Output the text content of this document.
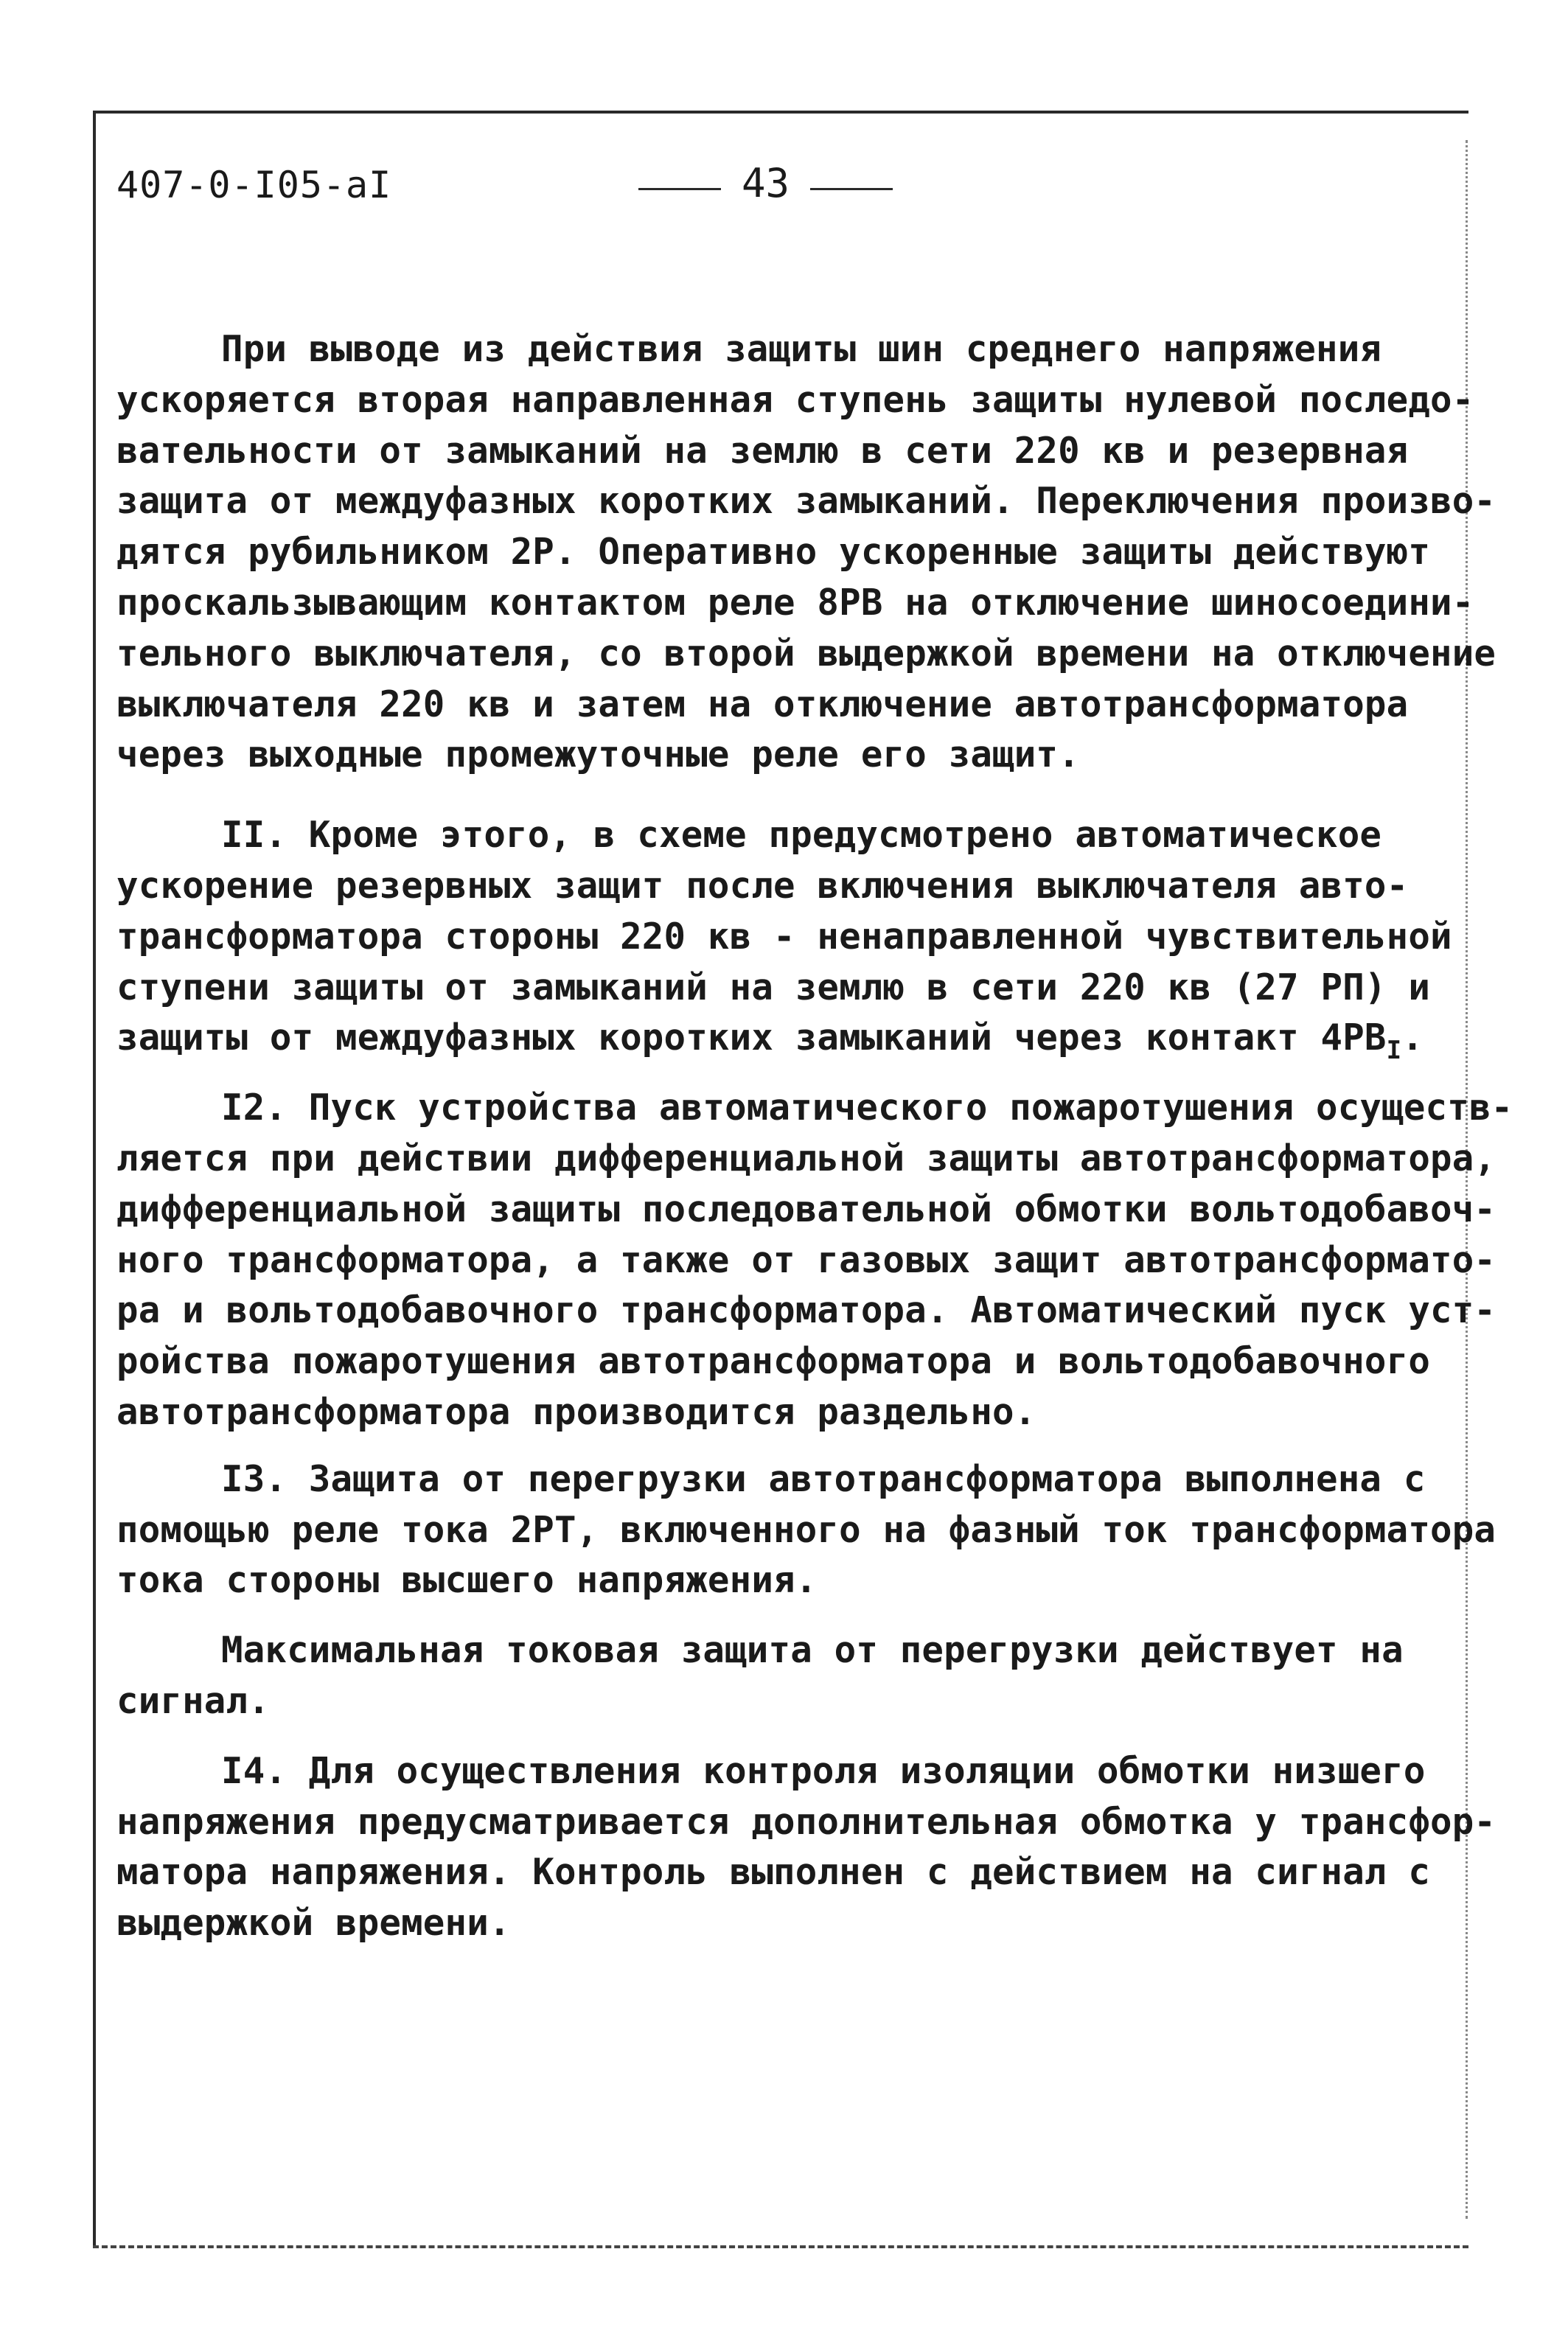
407-0-I05-aI	43
При выводе из действия защиты шин среднего напряжения
ускоряется вторая направленная ступень защиты нулевой последо-
вательности от замыканий на землю в сети 220 кв и резервная
защита от междуфазных коротких замыканий. Переключения произво-
дятся рубильником 2Р. Оперативно ускоренные защиты действуют
проскальзывающим контактом реле 8РВ на отключение шиносоедини-
тельного выключателя, со второй выдержкой времени на отключение
выключателя 220 кв и затем на отключение автотрансформатора
через выходные промежуточные реле его защит.
II. Кроме этого, в схеме предусмотрено автоматическое
ускорение резервных защит после включения выключателя авто-
трансформатора стороны 220 кв - ненаправленной чувствительной
ступени защиты от замыканий на землю в сети 220 кв (27 РП) и
защиты от междуфазных коротких замыканий через контакт $4РВ_I$.
I2. Пуск устройства автоматического пожаротушения осуществ-
ляется при действии дифференциальной защиты автотрансформатора,
дифференциальной защиты последовательной обмотки вольтодобавоч-
ного трансформатора, а также от газовых защит автотрансформато-
ра и вольтодобавочного трансформатора. Автоматический пуск уст-
ройства пожаротушения автотрансформатора и вольтодобавочного
автотрансформатора производится раздельно.
I3. Защита от перегрузки автотрансформатора выполнена с
помощью реле тока 2РТ, включенного на фазный ток трансформатора
тока стороны высшего напряжения.
Максимальная токовая защита от перегрузки действует на
сигнал.
I4. Для осуществления контроля изоляции обмотки низшего
напряжения предусматривается дополнительная обмотка у трансфор-
матора напряжения. Контроль выполнен с действием на сигнал с
выдержкой времени.
